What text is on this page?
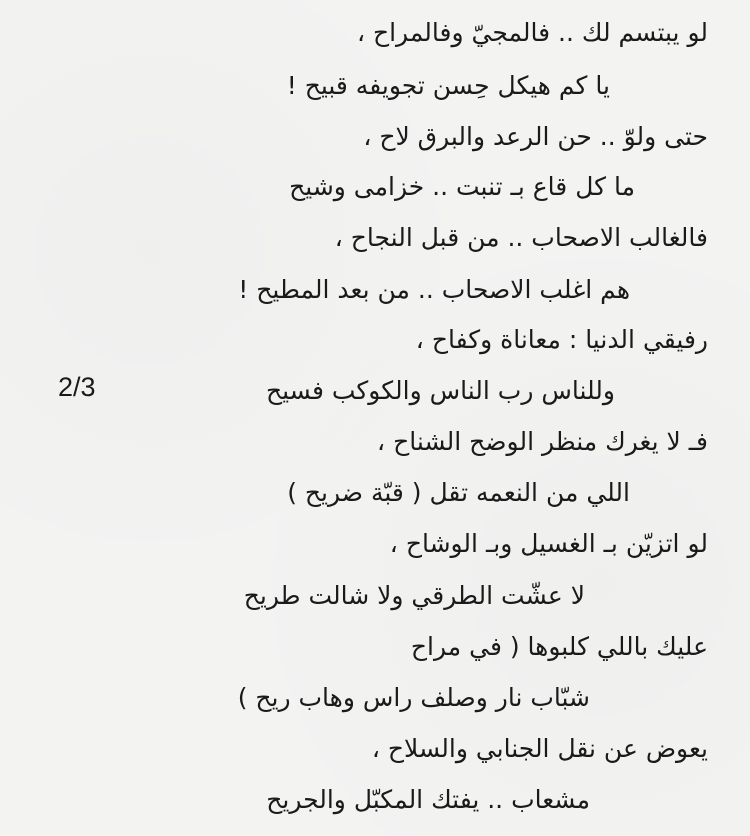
لو يبتسم لك .. فالمجيّ وفالمراح ،
يا كم هيكل حِسن تجويفه قبيح !
حتى ولوّ .. حن الرعد والبرق لاح ،
ما كل قاع بـ تنبت .. خزامى وشيح
فالغالب الاصحاب .. من قبل النجاح ،
هم اغلب الاصحاب .. من بعد المطيح !
رفيقي الدنيا : معاناة وكفاح ،
وللناس رب الناس والكوكب فسيح
فـ لا يغرك منظر الوضح الشناح ،
اللي من النعمه تقل ( قبّة ضريح )
لو اتزيّن بـ الغسيل وبـ الوشاح ،
لا عشّت الطرقي ولا شالت طريح
عليك باللي كلبوها ( في مراح
شبّاب نار وصلف راس وهاب ريح )
يعوض عن نقل الجنابي والسلاح ،
مشعاب .. يفتك المكبّل والجريح
2/3
